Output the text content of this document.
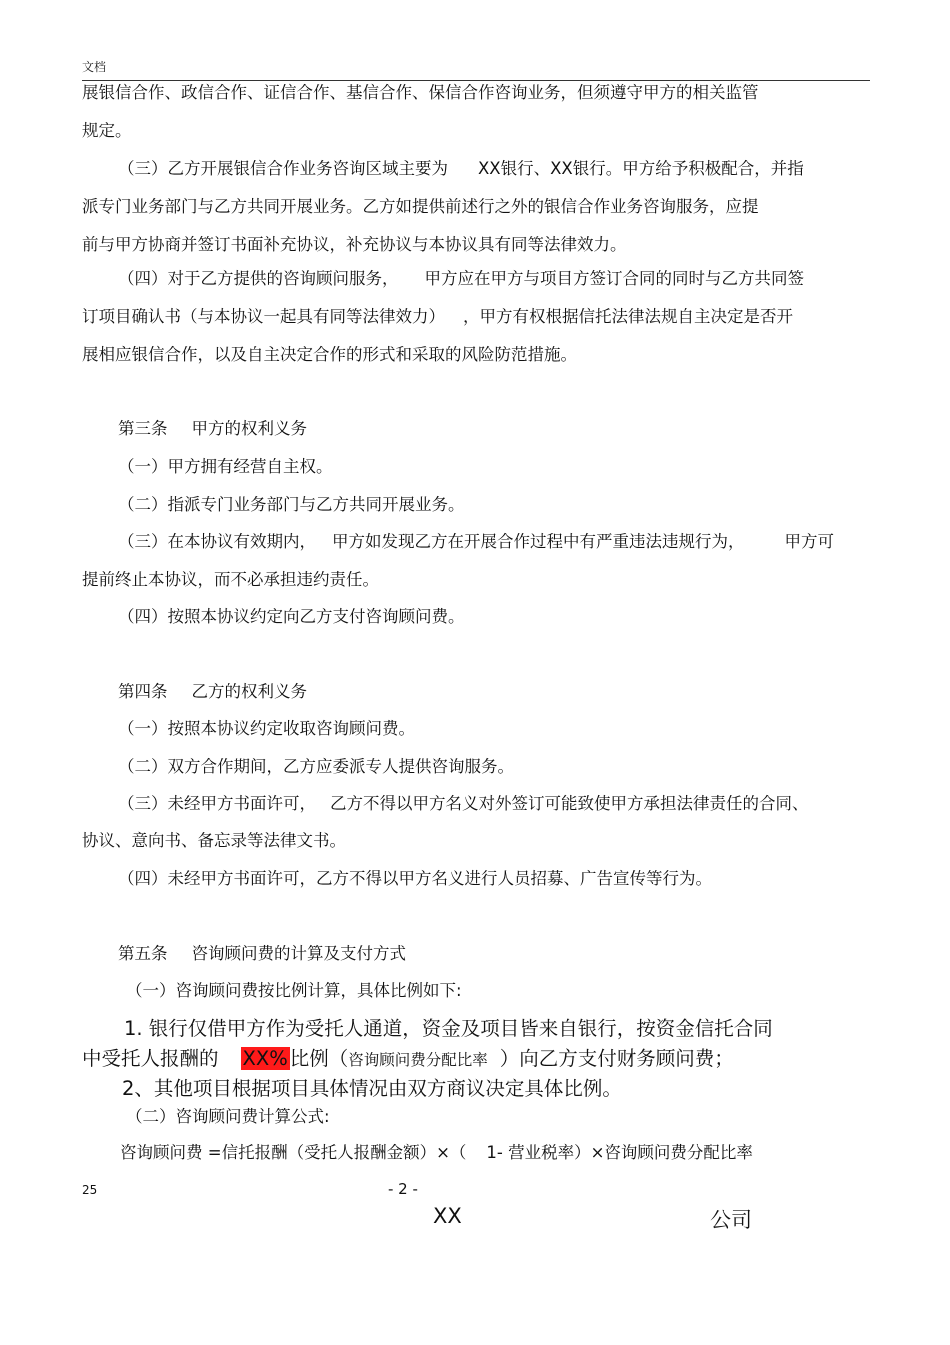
文档
展银信合作、政信合作、证信合作、基信合作、保信合作咨询业务，但须遵守甲方的相关监管
规定。
（三）乙方开展银信合作业务咨询区域主要为 XX银行、XX银行。甲方给予积极配合，并指
派专门业务部门与乙方共同开展业务。乙方如提供前述行之外的银信合作业务咨询服务，应提
前与甲方协商并签订书面补充协议，补充协议与本协议具有同等法律效力。
（四）对于乙方提供的咨询顾问服务， 甲方应在甲方与项目方签订合同的同时与乙方共同签
订项目确认书（与本协议一起具有同等法律效力） ，甲方有权根据信托法律法规自主决定是否开
展相应银信合作，以及自主决定合作的形式和采取的风险防范措施。
第三条 甲方的权利义务
（一）甲方拥有经营自主权。
（二）指派专门业务部门与乙方共同开展业务。
（三）在本协议有效期内， 甲方如发现乙方在开展合作过程中有严重违法违规行为， 甲方可
提前终止本协议，而不必承担违约责任。
（四）按照本协议约定向乙方支付咨询顾问费。
第四条 乙方的权利义务
（一）按照本协议约定收取咨询顾问费。
（二）双方合作期间，乙方应委派专人提供咨询服务。
（三）未经甲方书面许可， 乙方不得以甲方名义对外签订可能致使甲方承担法律责任的合同、
协议、意向书、备忘录等法律文书。
（四）未经甲方书面许可，乙方不得以甲方名义进行人员招募、广告宣传等行为。
第五条 咨询顾问费的计算及支付方式
（一）咨询顾问费按比例计算，具体比例如下:
1. 银行仅借甲方作为受托人通道，资金及项目皆来自银行，按资金信托合同
中受托人报酬的 XX% 比例（咨询顾问费分配比率 ）向乙方支付财务顾问费；
2、其他项目根据项目具体情况由双方商议决定具体比例。
（二）咨询顾问费计算公式:
咨询顾问费 =信托报酬（受托人报酬金额）×（ 1- 营业税率）×咨询顾问费分配比率
25	- 2 -
XX	公司
